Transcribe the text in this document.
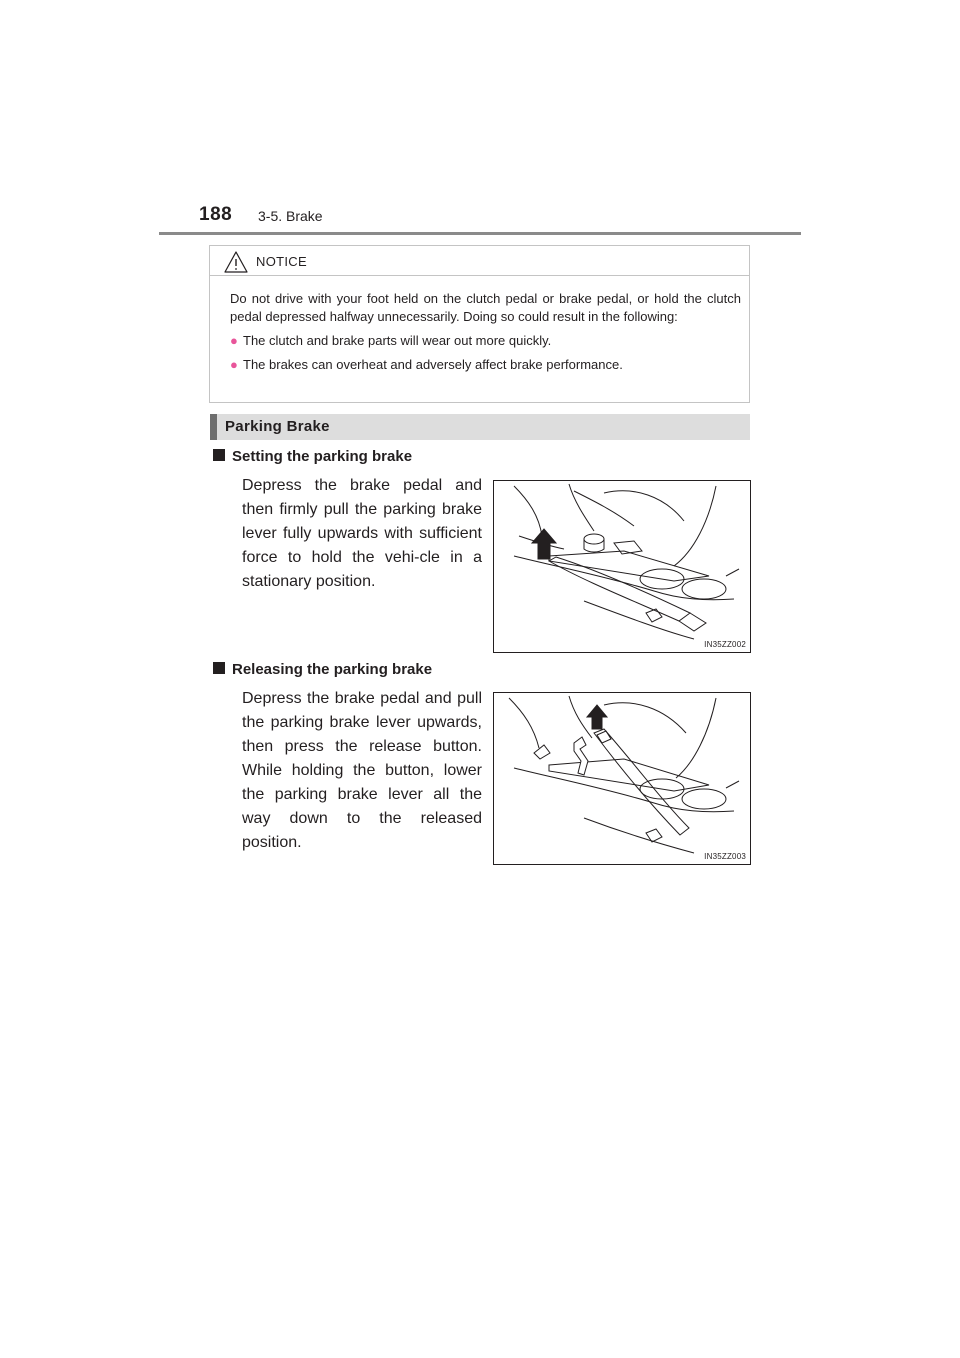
188 3-5. Brake
NOTICE
Do not drive with your foot held on the clutch pedal or brake pedal, or hold the clutch pedal depressed halfway unnecessarily. Doing so could result in the following:
● The clutch and brake parts will wear out more quickly.
● The brakes can overheat and adversely affect brake performance.
Parking Brake
Setting the parking brake
Depress the brake pedal and then firmly pull the parking brake lever fully upwards with sufficient force to hold the vehi-cle in a stationary position.
IN35ZZ002
Releasing the parking brake
Depress the brake pedal and pull the parking brake lever upwards, then press the release button. While holding the button, lower the parking brake lever all the way down to the released position.
IN35ZZ003
